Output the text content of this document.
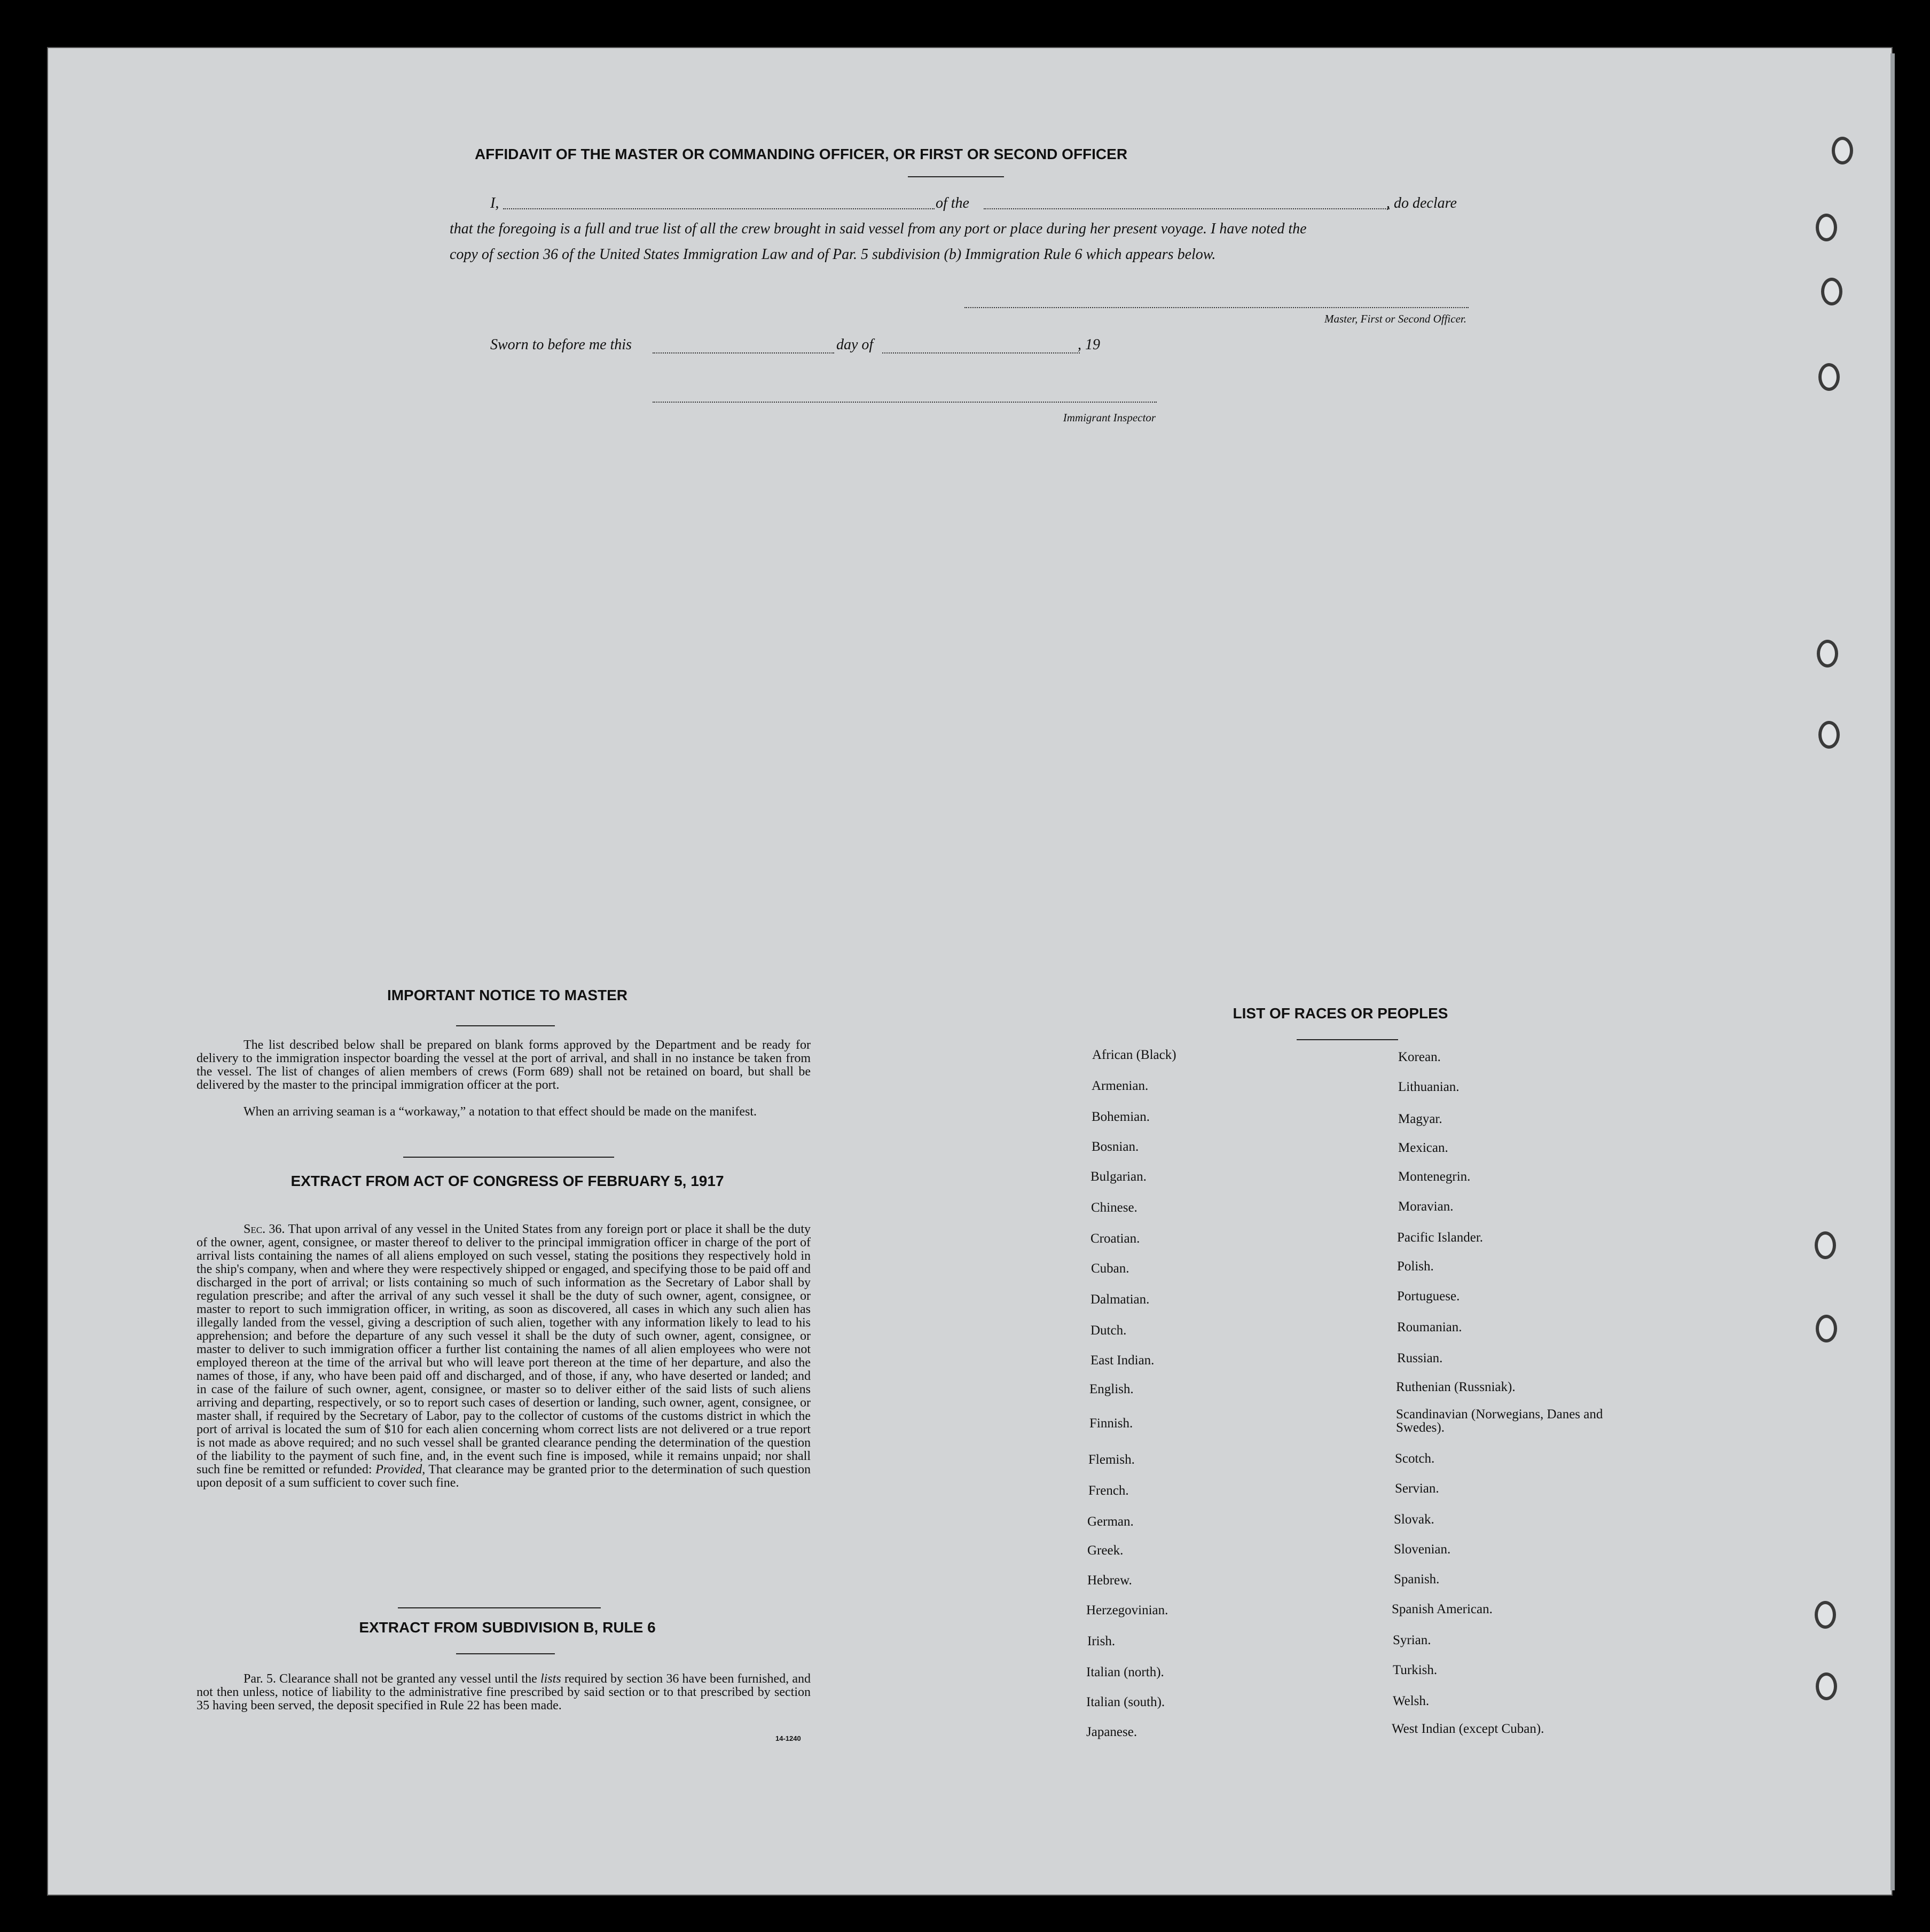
AFFIDAVIT OF THE MASTER OR COMMANDING OFFICER, OR FIRST OR SECOND OFFICER
I,	of the	, do declare
that the foregoing is a full and true list of all the crew brought in said vessel from any port or place during her present voyage. I have noted the
copy of section 36 of the United States Immigration Law and of Par. 5 subdivision (b) Immigration Rule 6 which appears below.
Master, First or Second Officer.
Sworn to before me this	day of	, 19
Immigrant Inspector
IMPORTANT NOTICE TO MASTER
The list described below shall be prepared on blank forms approved by the Department and be ready for delivery to the immigration inspector boarding the vessel at the port of arrival, and shall in no instance be taken from the vessel. The list of changes of alien members of crews (Form 689) shall not be retained on board, but shall be delivered by the master to the principal immigration officer at the port.
When an arriving seaman is a “workaway,” a notation to that effect should be made on the manifest.
EXTRACT FROM ACT OF CONGRESS OF FEBRUARY 5, 1917
Sec. 36. That upon arrival of any vessel in the United States from any foreign port or place it shall be the duty of the owner, agent, consignee, or master thereof to deliver to the principal immigration officer in charge of the port of arrival lists containing the names of all aliens employed on such vessel, stating the positions they respectively hold in the ship's company, when and where they were respectively shipped or engaged, and specifying those to be paid off and discharged in the port of arrival; or lists containing so much of such information as the Secretary of Labor shall by regulation prescribe; and after the arrival of any such vessel it shall be the duty of such owner, agent, consignee, or master to report to such immigration officer, in writing, as soon as discovered, all cases in which any such alien has illegally landed from the vessel, giving a description of such alien, together with any information likely to lead to his apprehension; and before the departure of any such vessel it shall be the duty of such owner, agent, consignee, or master to deliver to such immigration officer a further list containing the names of all alien employees who were not employed thereon at the time of the arrival but who will leave port thereon at the time of her departure, and also the names of those, if any, who have been paid off and discharged, and of those, if any, who have deserted or landed; and in case of the failure of such owner, agent, consignee, or master so to deliver either of the said lists of such aliens arriving and departing, respectively, or so to report such cases of desertion or landing, such owner, agent, consignee, or master shall, if required by the Secretary of Labor, pay to the collector of customs of the customs district in which the port of arrival is located the sum of $10 for each alien concerning whom correct lists are not delivered or a true report is not made as above required; and no such vessel shall be granted clearance pending the determination of the question of the liability to the payment of such fine, and, in the event such fine is imposed, while it remains unpaid; nor shall such fine be remitted or refunded: Provided, That clearance may be granted prior to the determination of such question upon deposit of a sum sufficient to cover such fine.
EXTRACT FROM SUBDIVISION B, RULE 6
Par. 5. Clearance shall not be granted any vessel until the lists required by section 36 have been furnished, and not then unless, notice of liability to the administrative fine prescribed by said section or to that prescribed by section 35 having been served, the deposit specified in Rule 22 has been made.
14-1240
LIST OF RACES OR PEOPLES
African (Black)
Armenian.
Bohemian.
Bosnian.
Bulgarian.
Chinese.
Croatian.
Cuban.
Dalmatian.
Dutch.
East Indian.
English.
Finnish.
Flemish.
French.
German.
Greek.
Hebrew.
Herzegovinian.
Irish.
Italian (north).
Italian (south).
Japanese.
Korean.
Lithuanian.
Magyar.
Mexican.
Montenegrin.
Moravian.
Pacific Islander.
Polish.
Portuguese.
Roumanian.
Russian.
Ruthenian (Russniak).
Scandinavian (Norwegians, Danes and Swedes).
Scotch.
Servian.
Slovak.
Slovenian.
Spanish.
Spanish American.
Syrian.
Turkish.
Welsh.
West Indian (except Cuban).
